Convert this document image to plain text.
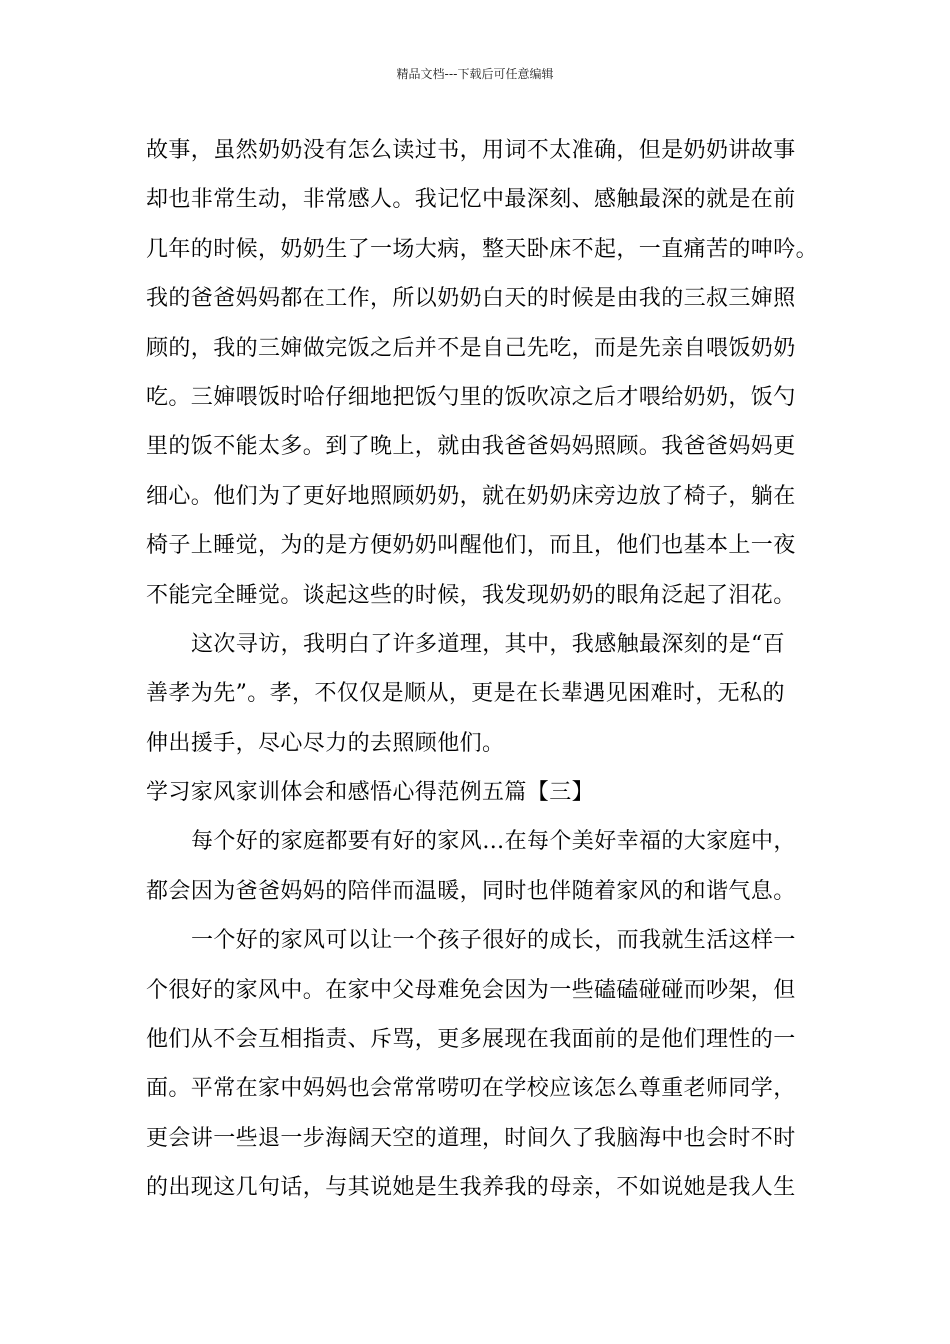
精品文档---下载后可任意编辑
故事，虽然奶奶没有怎么读过书，用词不太准确，但是奶奶讲故事
却也非常生动，非常感人。我记忆中最深刻、感触最深的就是在前
几年的时候，奶奶生了一场大病，整天卧床不起，一直痛苦的呻吟。
我的爸爸妈妈都在工作，所以奶奶白天的时候是由我的三叔三婶照
顾的，我的三婶做完饭之后并不是自己先吃，而是先亲自喂饭奶奶
吃。三婶喂饭时哈仔细地把饭勺里的饭吹凉之后才喂给奶奶，饭勺
里的饭不能太多。到了晚上，就由我爸爸妈妈照顾。我爸爸妈妈更
细心。他们为了更好地照顾奶奶，就在奶奶床旁边放了椅子，躺在
椅子上睡觉，为的是方便奶奶叫醒他们，而且，他们也基本上一夜
不能完全睡觉。谈起这些的时候，我发现奶奶的眼角泛起了泪花。
这次寻访，我明白了许多道理，其中，我感触最深刻的是“百
善孝为先”。孝，不仅仅是顺从，更是在长辈遇见困难时，无私的
伸出援手，尽心尽力的去照顾他们。
学习家风家训体会和感悟心得范例五篇【三】
每个好的家庭都要有好的家风…在每个美好幸福的大家庭中，
都会因为爸爸妈妈的陪伴而温暖，同时也伴随着家风的和谐气息。
一个好的家风可以让一个孩子很好的成长，而我就生活这样一
个很好的家风中。在家中父母难免会因为一些磕磕碰碰而吵架，但
他们从不会互相指责、斥骂，更多展现在我面前的是他们理性的一
面。平常在家中妈妈也会常常唠叨在学校应该怎么尊重老师同学，
更会讲一些退一步海阔天空的道理，时间久了我脑海中也会时不时
的出现这几句话，与其说她是生我养我的母亲，不如说她是我人生
